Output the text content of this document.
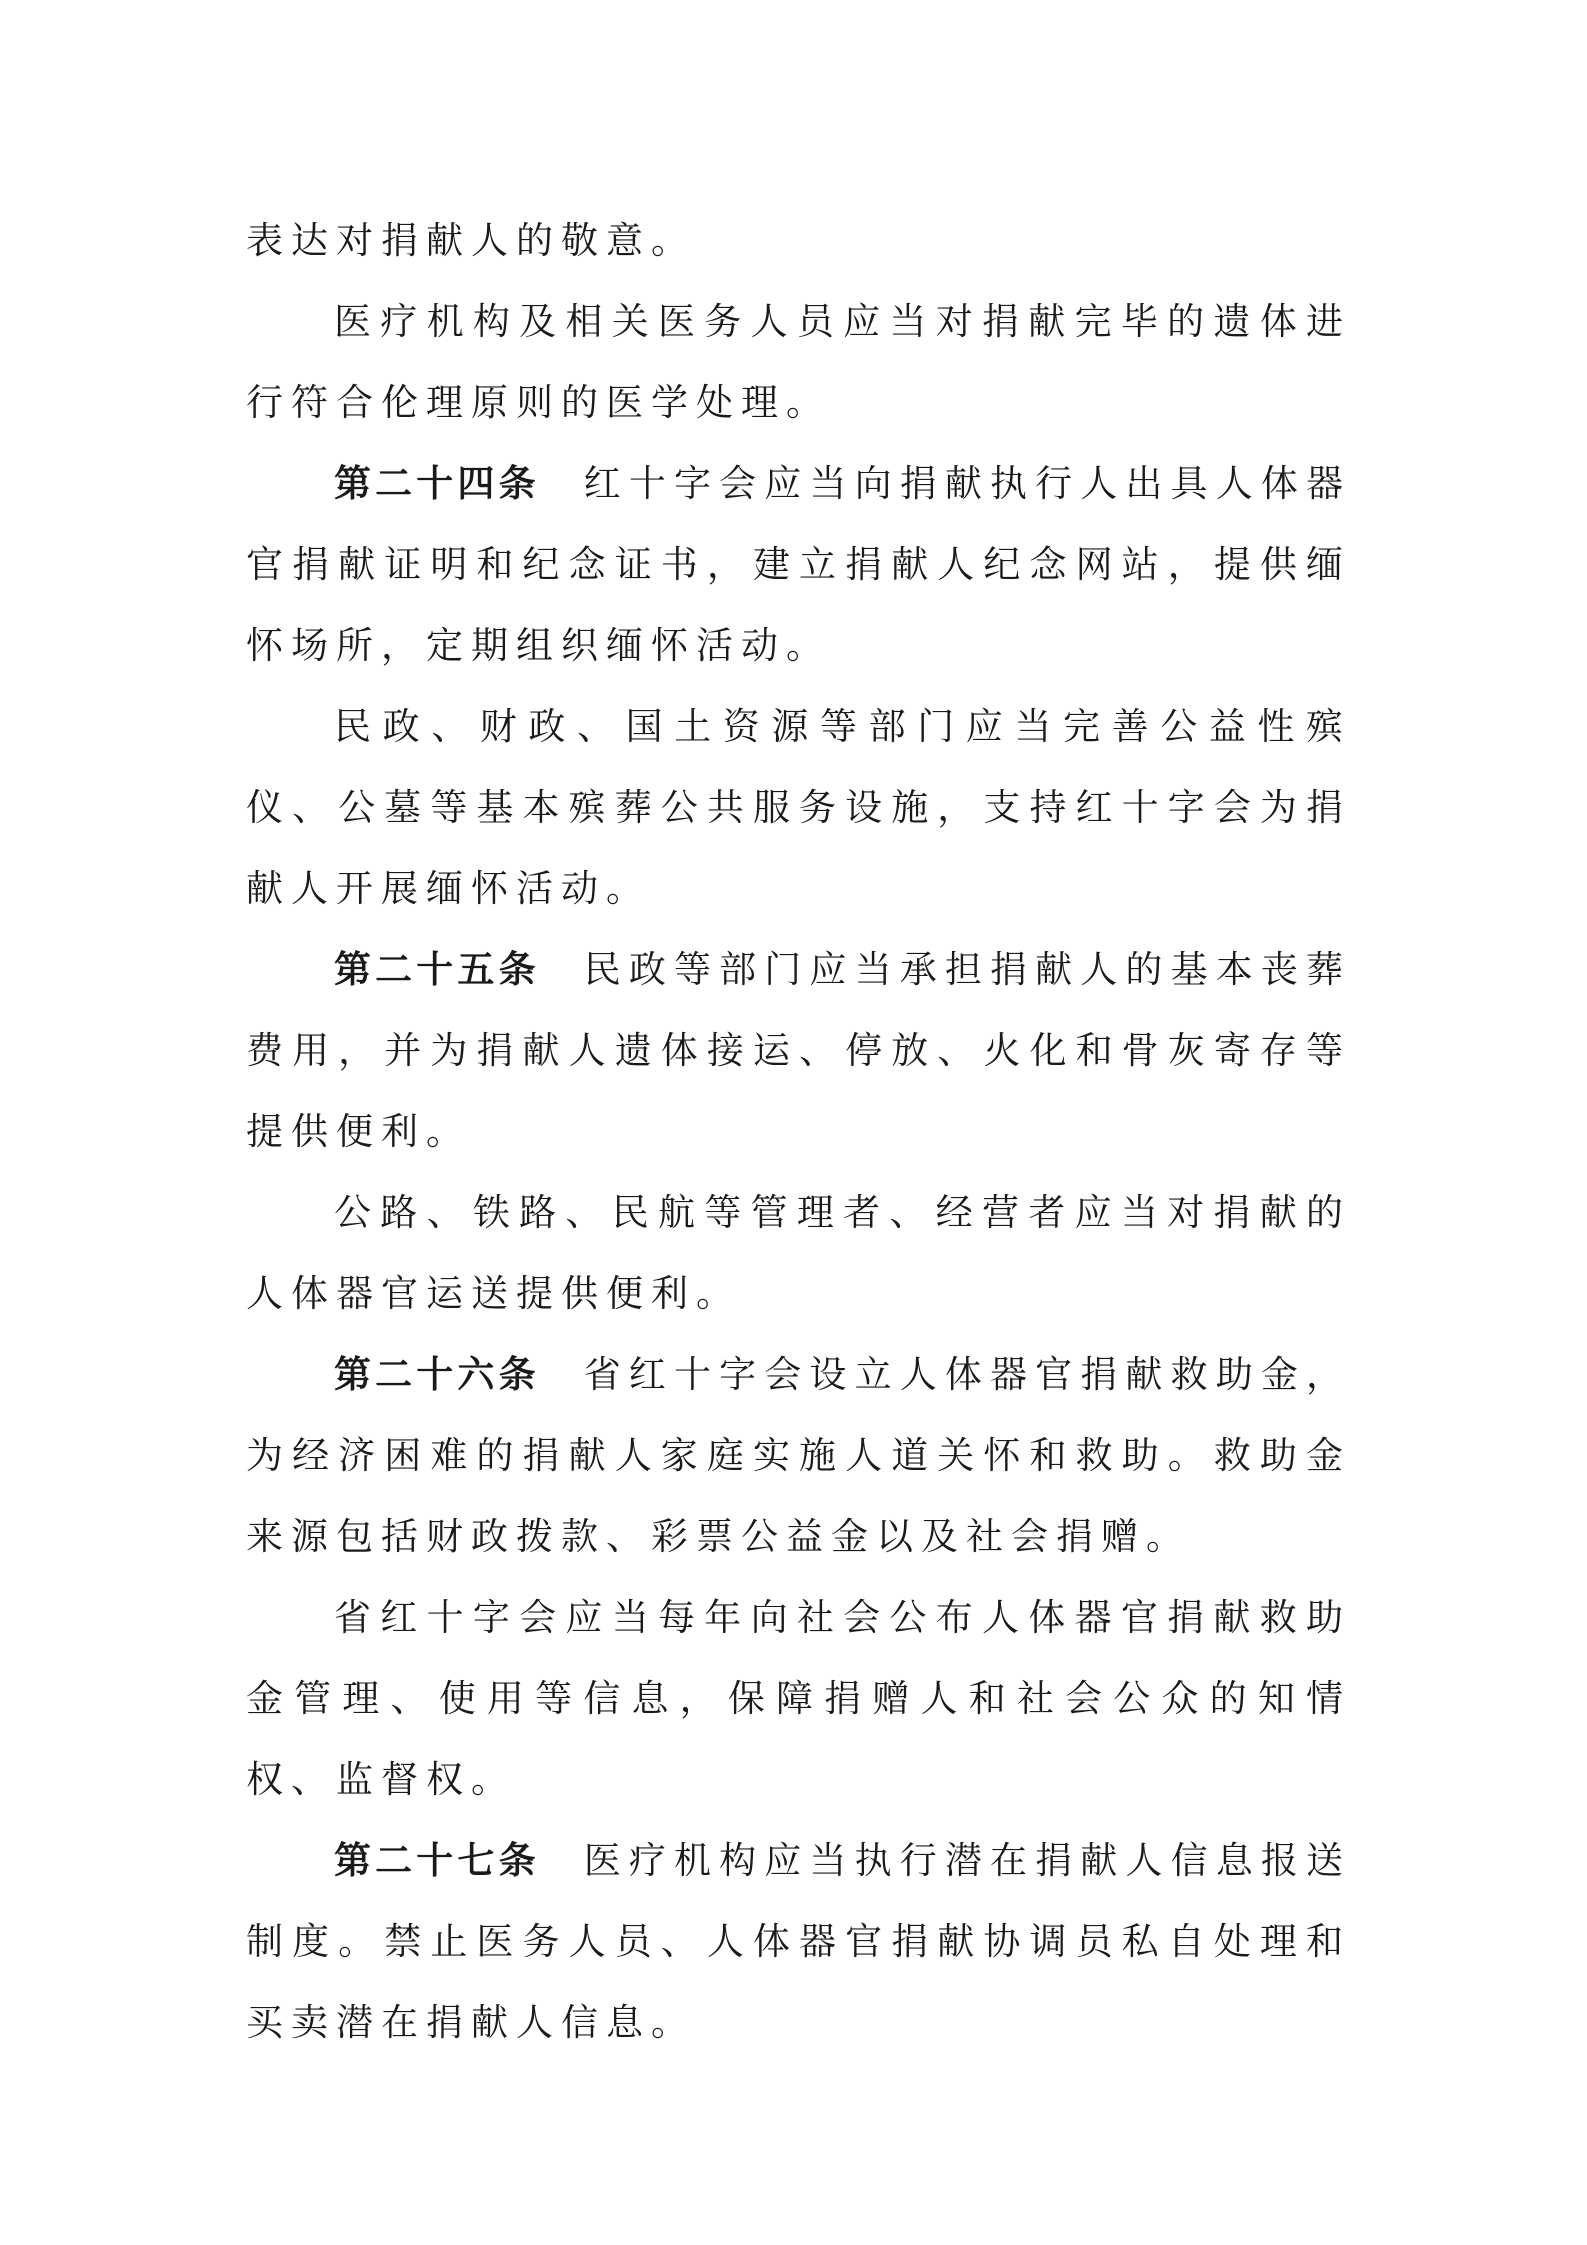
表达对捐献人的敬意。

医疗机构及相关医务人员应当对捐献完毕的遗体进行符合伦理原则的医学处理。

第二十四条 红十字会应当向捐献执行人出具人体器官捐献证明和纪念证书，建立捐献人纪念网站，提供缅怀场所，定期组织缅怀活动。

民政、财政、国土资源等部门应当完善公益性殡仪、公墓等基本殡葬公共服务设施，支持红十字会为捐献人开展缅怀活动。

第二十五条 民政等部门应当承担捐献人的基本丧葬费用，并为捐献人遗体接运、停放、火化和骨灰寄存等提供便利。

公路、铁路、民航等管理者、经营者应当对捐献的人体器官运送提供便利。

第二十六条 省红十字会设立人体器官捐献救助金，为经济困难的捐献人家庭实施人道关怀和救助。救助金来源包括财政拨款、彩票公益金以及社会捐赠。

省红十字会应当每年向社会公布人体器官捐献救助金管理、使用等信息，保障捐赠人和社会公众的知情权、监督权。

第二十七条 医疗机构应当执行潜在捐献人信息报送制度。禁止医务人员、人体器官捐献协调员私自处理和买卖潜在捐献人信息。
